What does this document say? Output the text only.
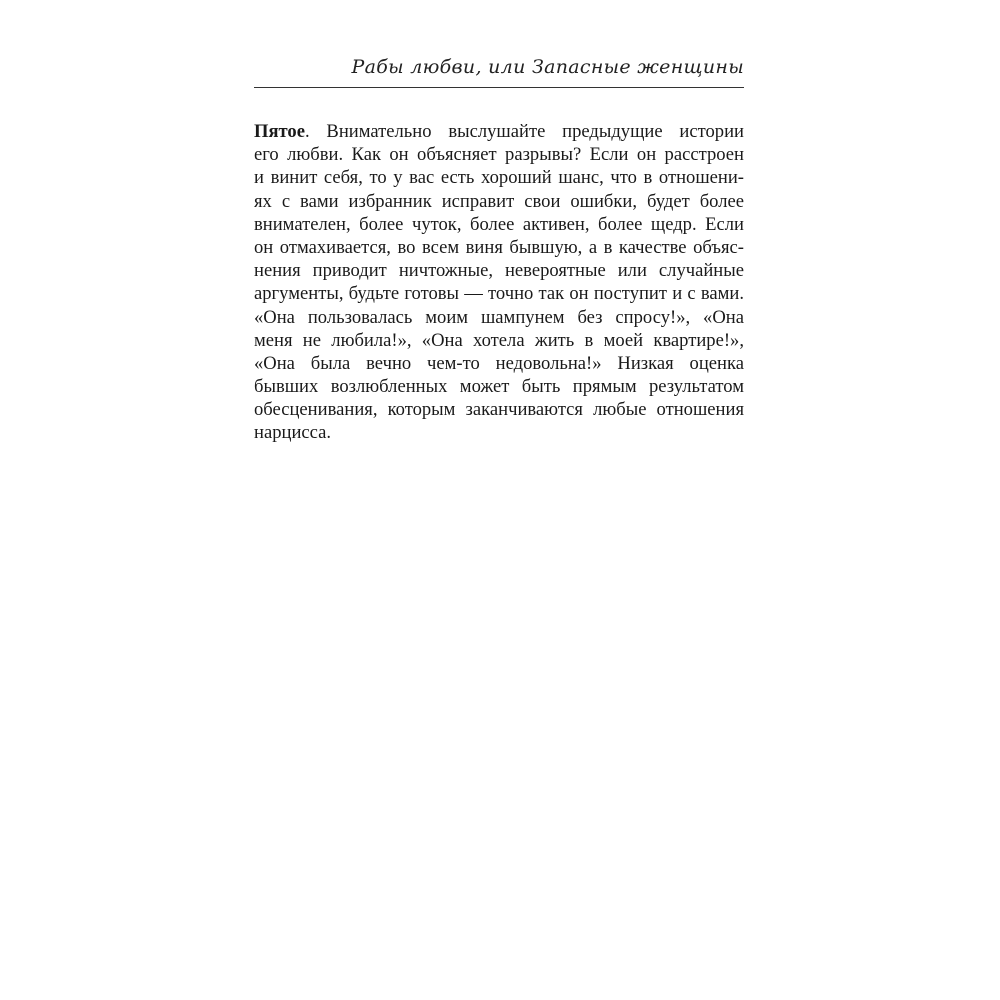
Рабы любви, или Запасные женщины
Пятое. Внимательно выслушайте предыдущие истории
его любви. Как он объясняет разрывы? Если он расстроен
и винит себя, то у вас есть хороший шанс, что в отношени-
ях с вами избранник исправит свои ошибки, будет более
внимателен, более чуток, более активен, более щедр. Если
он отмахивается, во всем виня бывшую, а в качестве объяс-
нения приводит ничтожные, невероятные или случайные
аргументы, будьте готовы — точно так он поступит и с вами.
«Она пользовалась моим шампунем без спросу!», «Она
меня не любила!», «Она хотела жить в моей квартире!»,
«Она была вечно чем-то недовольна!» Низкая оценка
бывших возлюбленных может быть прямым результатом
обесценивания, которым заканчиваются любые отношения
нарцисса.
